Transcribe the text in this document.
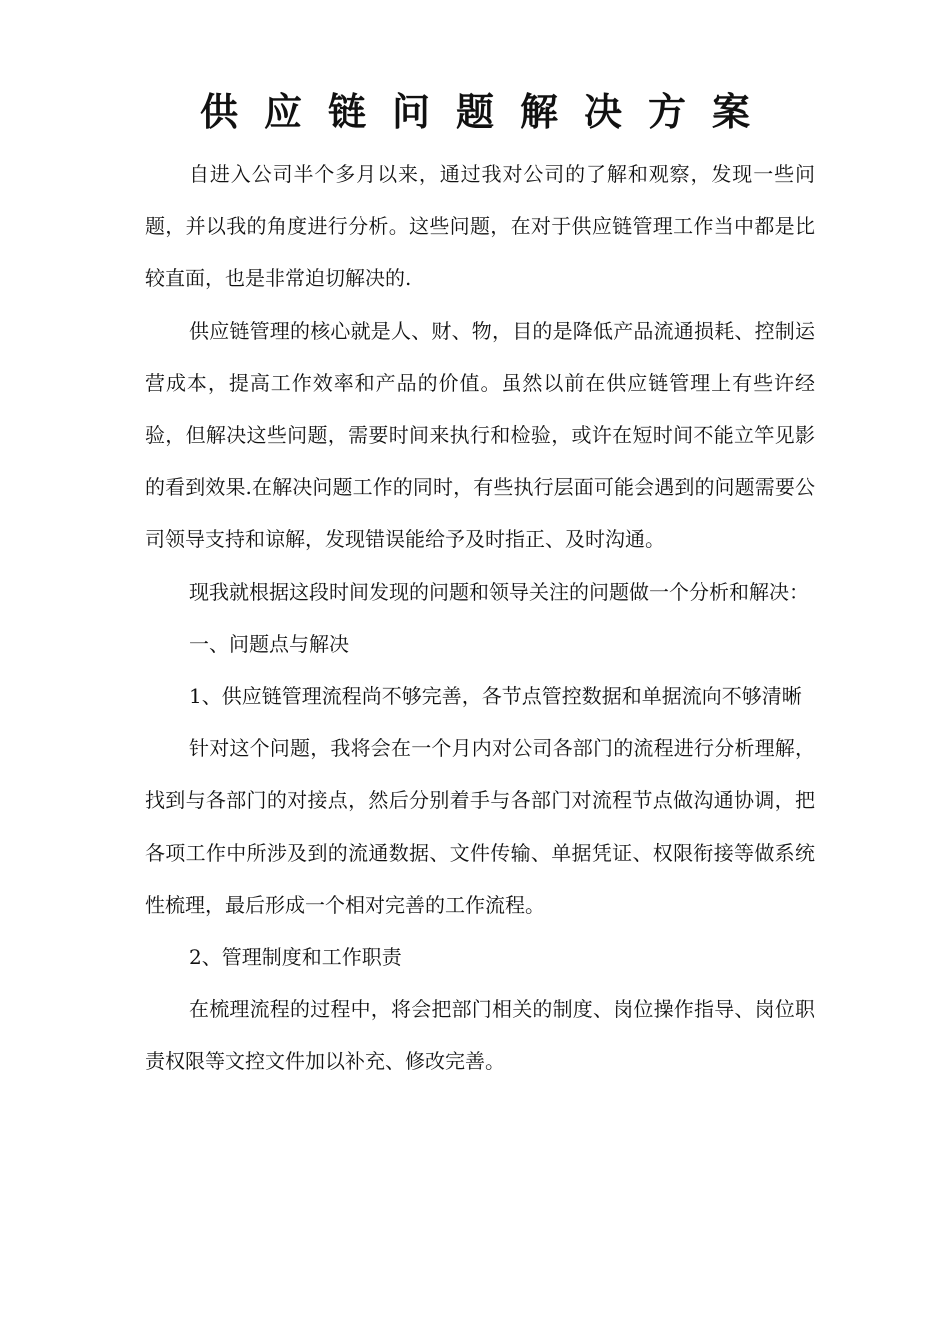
供应链问题解决方案

自进入公司半个多月以来，通过我对公司的了解和观察，发现一些问题，并以我的角度进行分析。这些问题，在对于供应链管理工作当中都是比较直面，也是非常迫切解决的.

供应链管理的核心就是人、财、物，目的是降低产品流通损耗、控制运营成本，提高工作效率和产品的价值。虽然以前在供应链管理上有些许经验，但解决这些问题，需要时间来执行和检验，或许在短时间不能立竿见影的看到效果.在解决问题工作的同时，有些执行层面可能会遇到的问题需要公司领导支持和谅解，发现错误能给予及时指正、及时沟通。

现我就根据这段时间发现的问题和领导关注的问题做一个分析和解决：

一、问题点与解决

1、供应链管理流程尚不够完善，各节点管控数据和单据流向不够清晰

针对这个问题，我将会在一个月内对公司各部门的流程进行分析理解，找到与各部门的对接点，然后分别着手与各部门对流程节点做沟通协调，把各项工作中所涉及到的流通数据、文件传输、单据凭证、权限衔接等做系统性梳理，最后形成一个相对完善的工作流程。

2、管理制度和工作职责

在梳理流程的过程中，将会把部门相关的制度、岗位操作指导、岗位职责权限等文控文件加以补充、修改完善。
